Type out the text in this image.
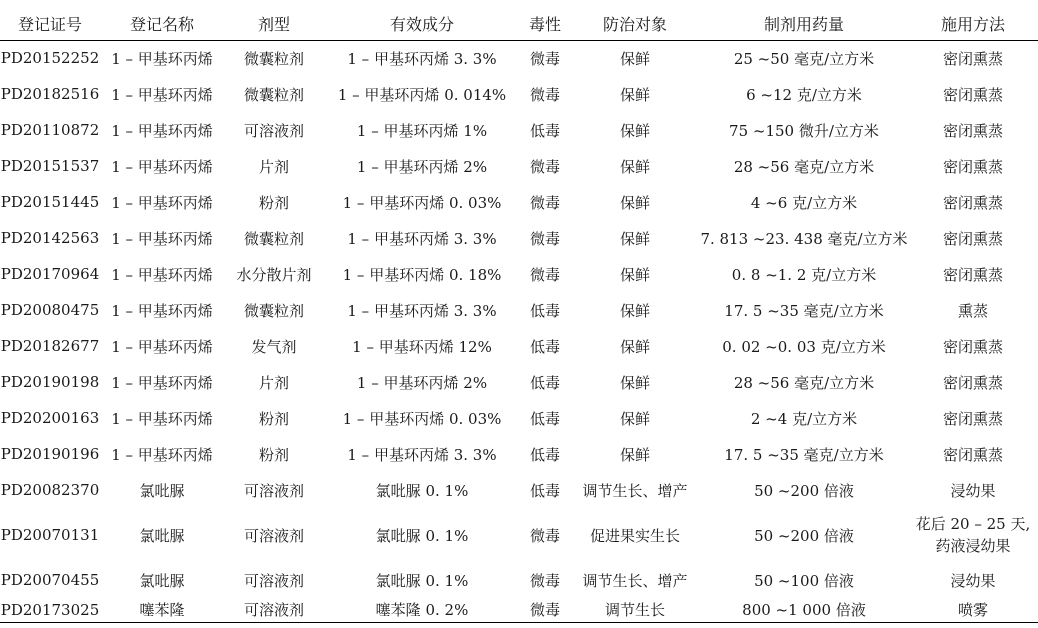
登记证号	登记名称	剂型	有效成分	毒性	防治对象	制剂用药量	施用方法
PD20152252	1 – 甲基环丙烯	微囊粒剂	1 – 甲基环丙烯 3. 3%	微毒	保鲜	25 ~50 毫克/立方米	密闭熏蒸
PD20182516	1 – 甲基环丙烯	微囊粒剂	1 – 甲基环丙烯 0. 014%	微毒	保鲜	6 ~12 克/立方米	密闭熏蒸
PD20110872	1 – 甲基环丙烯	可溶液剂	1 – 甲基环丙烯 1%	低毒	保鲜	75 ~150 微升/立方米	密闭熏蒸
PD20151537	1 – 甲基环丙烯	片剂	1 – 甲基环丙烯 2%	微毒	保鲜	28 ~56 毫克/立方米	密闭熏蒸
PD20151445	1 – 甲基环丙烯	粉剂	1 – 甲基环丙烯 0. 03%	微毒	保鲜	4 ~6 克/立方米	密闭熏蒸
PD20142563	1 – 甲基环丙烯	微囊粒剂	1 – 甲基环丙烯 3. 3%	微毒	保鲜	7. 813 ~23. 438 毫克/立方米	密闭熏蒸
PD20170964	1 – 甲基环丙烯	水分散片剂	1 – 甲基环丙烯 0. 18%	微毒	保鲜	0. 8 ~1. 2 克/立方米	密闭熏蒸
PD20080475	1 – 甲基环丙烯	微囊粒剂	1 – 甲基环丙烯 3. 3%	低毒	保鲜	17. 5 ~35 毫克/立方米	熏蒸
PD20182677	1 – 甲基环丙烯	发气剂	1 – 甲基环丙烯 12%	低毒	保鲜	0. 02 ~0. 03 克/立方米	密闭熏蒸
PD20190198	1 – 甲基环丙烯	片剂	1 – 甲基环丙烯 2%	低毒	保鲜	28 ~56 毫克/立方米	密闭熏蒸
PD20200163	1 – 甲基环丙烯	粉剂	1 – 甲基环丙烯 0. 03%	低毒	保鲜	2 ~4 克/立方米	密闭熏蒸
PD20190196	1 – 甲基环丙烯	粉剂	1 – 甲基环丙烯 3. 3%	低毒	保鲜	17. 5 ~35 毫克/立方米	密闭熏蒸
PD20082370	氯吡脲	可溶液剂	氯吡脲 0. 1%	低毒	调节生长、增产	50 ~200 倍液	浸幼果
PD20070131	氯吡脲	可溶液剂	氯吡脲 0. 1%	微毒	促进果实生长	50 ~200 倍液	花后 20 – 25 天,
药液浸幼果

PD20070455	氯吡脲	可溶液剂	氯吡脲 0. 1%	微毒	调节生长、增产	50 ~100 倍液	浸幼果
PD20173025	噻苯隆	可溶液剂	噻苯隆 0. 2%	微毒	调节生长	800 ~1 000 倍液	喷雾
